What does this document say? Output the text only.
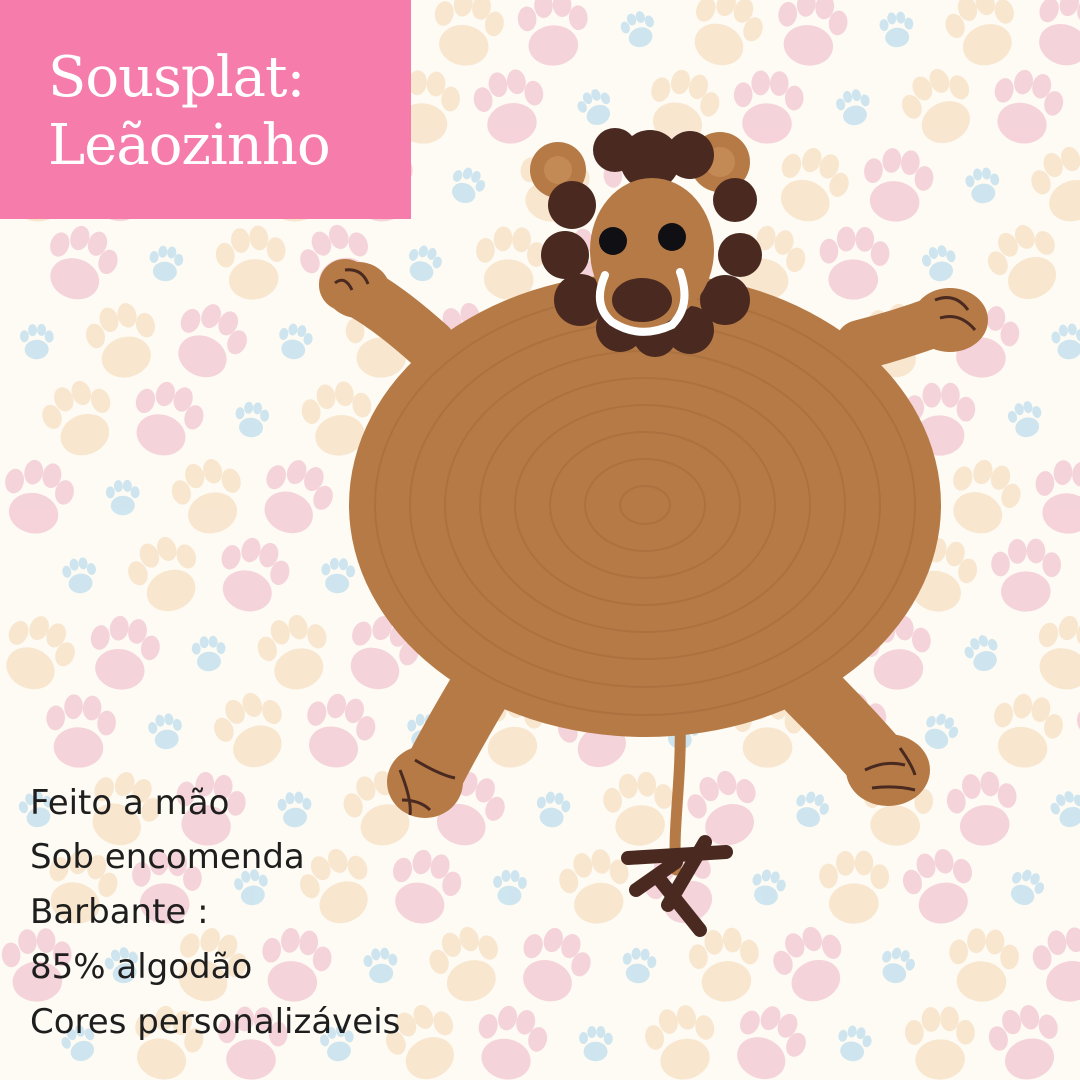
Sousplat:
Leãozinho
Feito a mão
Sob encomenda
Barbante :
85% algodão
Cores personalizáveis
